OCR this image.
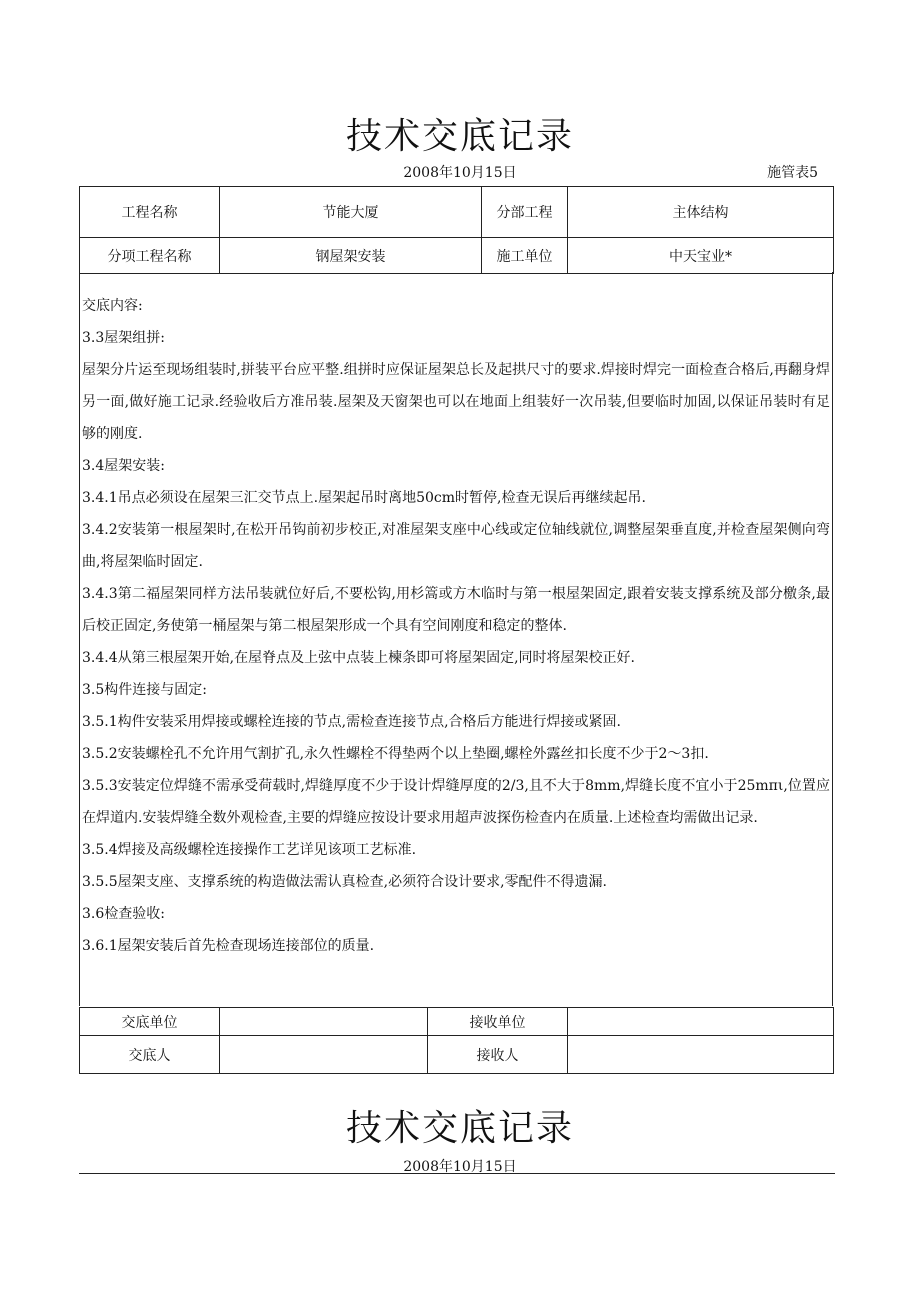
技术交底记录
2008年10月15日	施管表5
工程名称	节能大厦	分部工程	主体结构
分项工程名称	钢屋架安装	施工单位	中天宝业*

交底内容:

3.3屋架组拼:

屋架分片运至现场组装时,拼装平台应平整.组拼时应保证屋架总长及起拱尺寸的要求.焊接时焊完一面检查合格后,再翻身焊另一面,做好施工记录.经验收后方准吊装.屋架及天窗架也可以在地面上组装好一次吊装,但要临时加固,以保证吊装时有足够的刚度.

3.4屋架安装:

3.4.1吊点必须设在屋架三汇交节点上.屋架起吊时离地50cm时暂停,检查无误后再继续起吊.

3.4.2安装第一根屋架时,在松开吊钩前初步校正,对准屋架支座中心线或定位轴线就位,调整屋架垂直度,并检查屋架侧向弯曲,将屋架临时固定.

3.4.3第二福屋架同样方法吊装就位好后,不要松钩,用杉篙或方木临时与第一根屋架固定,跟着安装支撑系统及部分檄条,最后校正固定,务使第一桶屋架与第二根屋架形成一个具有空间刚度和稳定的整体.

3.4.4从第三根屋架开始,在屋脊点及上弦中点装上楝条即可将屋架固定,同时将屋架校正好.

3.5构件连接与固定:

3.5.1构件安装采用焊接或螺栓连接的节点,需检查连接节点,合格后方能进行焊接或紧固.

3.5.2安装螺栓孔不允许用气割扩孔,永久性螺栓不得垫两个以上垫圈,螺栓外露丝扣长度不少于2〜3扣.

3.5.3安装定位焊缝不需承受荷载时,焊缝厚度不少于设计焊缝厚度的2/3,且不大于8mm,焊缝长度不宜小于25mπι,位置应在焊道内.安装焊缝全数外观检查,主要的焊缝应按设计要求用超声波探伤检查内在质量.上述检查均需做出记录.

3.5.4焊接及高级螺栓连接操作工艺详见该项工艺标准.

3.5.5屋架支座、支撑系统的构造做法需认真检查,必须符合设计要求,零配件不得遗漏.

3.6检查验收:

3.6.1屋架安装后首先检查现场连接部位的质量.

交底单位		接收单位	
交底人		接收人	
技术交底记录
2008年10月15日
